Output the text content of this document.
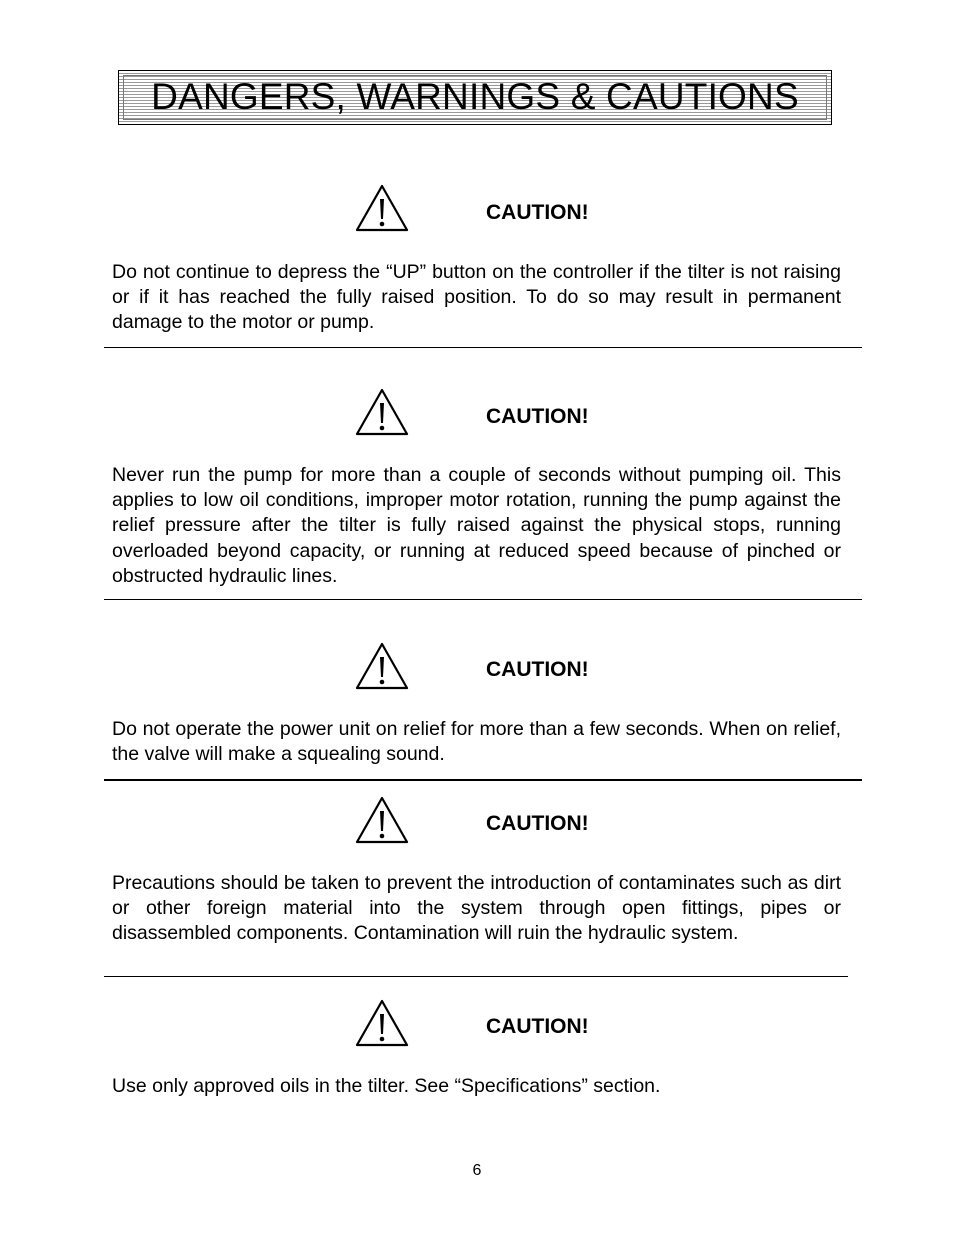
DANGERS, WARNINGS & CAUTIONS
CAUTION!
Do not continue to depress the “UP” button on the controller if the tilter is not raising or if it has reached the fully raised position. To do so may result in permanent damage to the motor or pump.
CAUTION!
Never run the pump for more than a couple of seconds without pumping oil. This applies to low oil conditions, improper motor rotation, running the pump against the relief pressure after the tilter is fully raised against the physical stops, running overloaded beyond capacity, or running at reduced speed because of pinched or obstructed hydraulic lines.
CAUTION!
Do not operate the power unit on relief for more than a few seconds. When on relief, the valve will make a squealing sound.
CAUTION!
Precautions should be taken to prevent the introduction of contaminates such as dirt or other foreign material into the system through open fittings, pipes or disassembled components. Contamination will ruin the hydraulic system.
CAUTION!
Use only approved oils in the tilter. See “Specifications” section.
6
